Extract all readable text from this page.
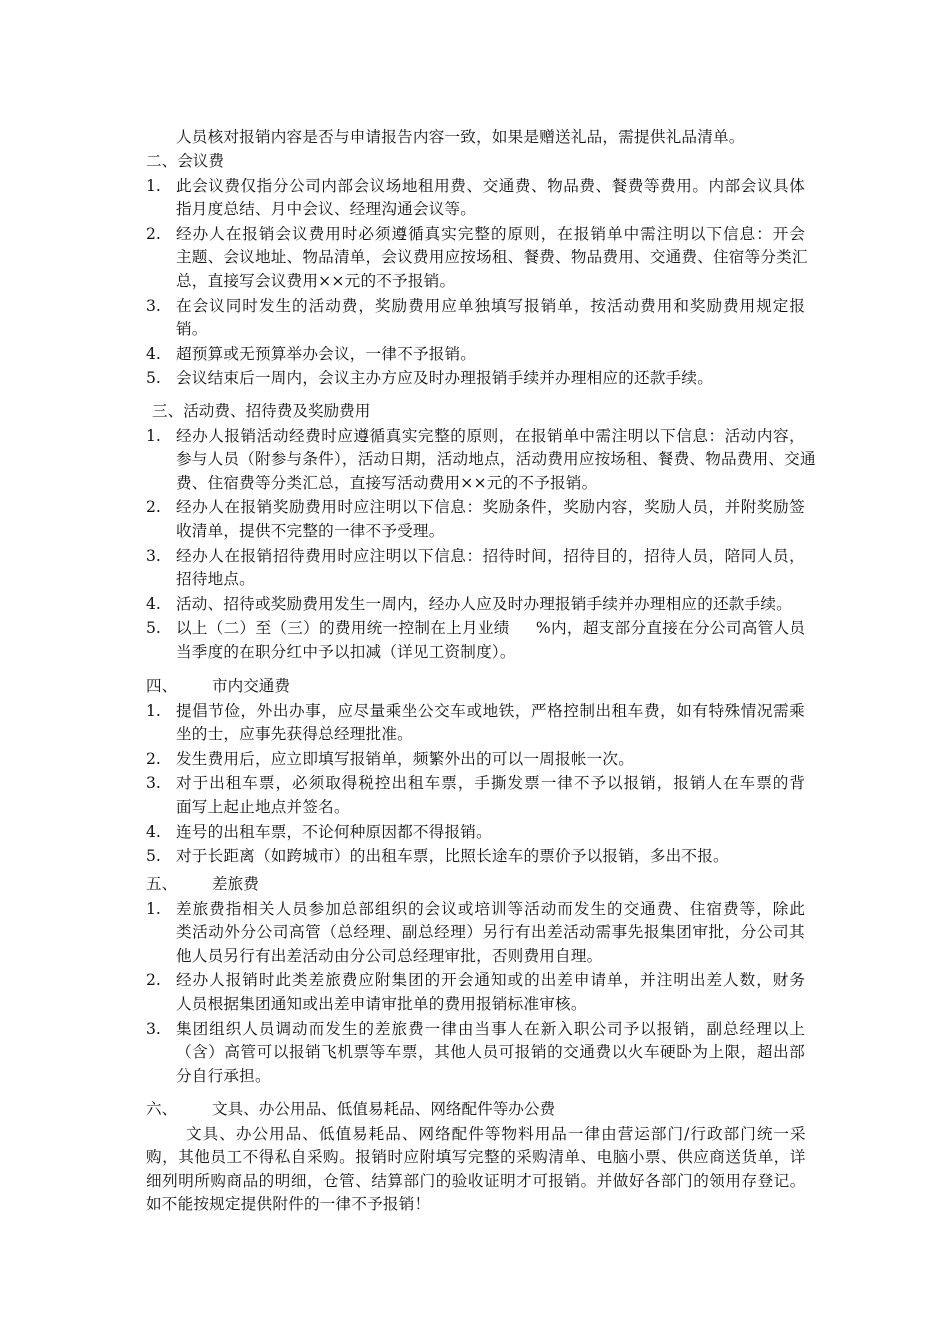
人员核对报销内容是否与申请报告内容一致，如果是赠送礼品，需提供礼品清单。
二、会议费
1. 此会议费仅指分公司内部会议场地租用费、交通费、物品费、餐费等费用。内部会议具体
指月度总结、月中会议、经理沟通会议等。
2. 经办人在报销会议费用时必须遵循真实完整的原则，在报销单中需注明以下信息：开会
主题、会议地址、物品清单，会议费用应按场租、餐费、物品费用、交通费、住宿等分类汇
总，直接写会议费用××元的不予报销。
3. 在会议同时发生的活动费，奖励费用应单独填写报销单，按活动费用和奖励费用规定报
销。
4. 超预算或无预算举办会议，一律不予报销。
5. 会议结束后一周内，会议主办方应及时办理报销手续并办理相应的还款手续。
三、活动费、招待费及奖励费用
1. 经办人报销活动经费时应遵循真实完整的原则，在报销单中需注明以下信息：活动内容，
参与人员（附参与条件），活动日期，活动地点，活动费用应按场租、餐费、物品费用、交通
费、住宿费等分类汇总，直接写活动费用××元的不予报销。
2. 经办人在报销奖励费用时应注明以下信息：奖励条件，奖励内容，奖励人员，并附奖励签
收清单，提供不完整的一律不予受理。
3. 经办人在报销招待费用时应注明以下信息：招待时间，招待目的，招待人员，陪同人员，
招待地点。
4. 活动、招待或奖励费用发生一周内，经办人应及时办理报销手续并办理相应的还款手续。
5. 以上（二）至（三）的费用统一控制在上月业绩     %内，超支部分直接在分公司高管人员
当季度的在职分红中予以扣减（详见工资制度）。
四、 市内交通费
1. 提倡节俭，外出办事，应尽量乘坐公交车或地铁，严格控制出租车费，如有特殊情况需乘
坐的士，应事先获得总经理批准。
2. 发生费用后，应立即填写报销单，频繁外出的可以一周报帐一次。
3. 对于出租车票，必须取得税控出租车票，手撕发票一律不予以报销，报销人在车票的背
面写上起止地点并签名。
4. 连号的出租车票，不论何种原因都不得报销。
5. 对于长距离（如跨城市）的出租车票，比照长途车的票价予以报销，多出不报。
五、 差旅费
1. 差旅费指相关人员参加总部组织的会议或培训等活动而发生的交通费、住宿费等，除此
类活动外分公司高管（总经理、副总经理）另行有出差活动需事先报集团审批，分公司其
他人员另行有出差活动由分公司总经理审批，否则费用自理。
2. 经办人报销时此类差旅费应附集团的开会通知或的出差申请单，并注明出差人数，财务
人员根据集团通知或出差申请审批单的费用报销标准审核。
3. 集团组织人员调动而发生的差旅费一律由当事人在新入职公司予以报销，副总经理以上
（含）高管可以报销飞机票等车票，其他人员可报销的交通费以火车硬卧为上限，超出部
分自行承担。
六、 文具、办公用品、低值易耗品、网络配件等办公费
文具、办公用品、低值易耗品、网络配件等物料用品一律由营运部门/行政部门统一采
购，其他员工不得私自采购。报销时应附填写完整的采购清单、电脑小票、供应商送货单，详
细列明所购商品的明细，仓管、结算部门的验收证明才可报销。并做好各部门的领用存登记。
如不能按规定提供附件的一律不予报销！
